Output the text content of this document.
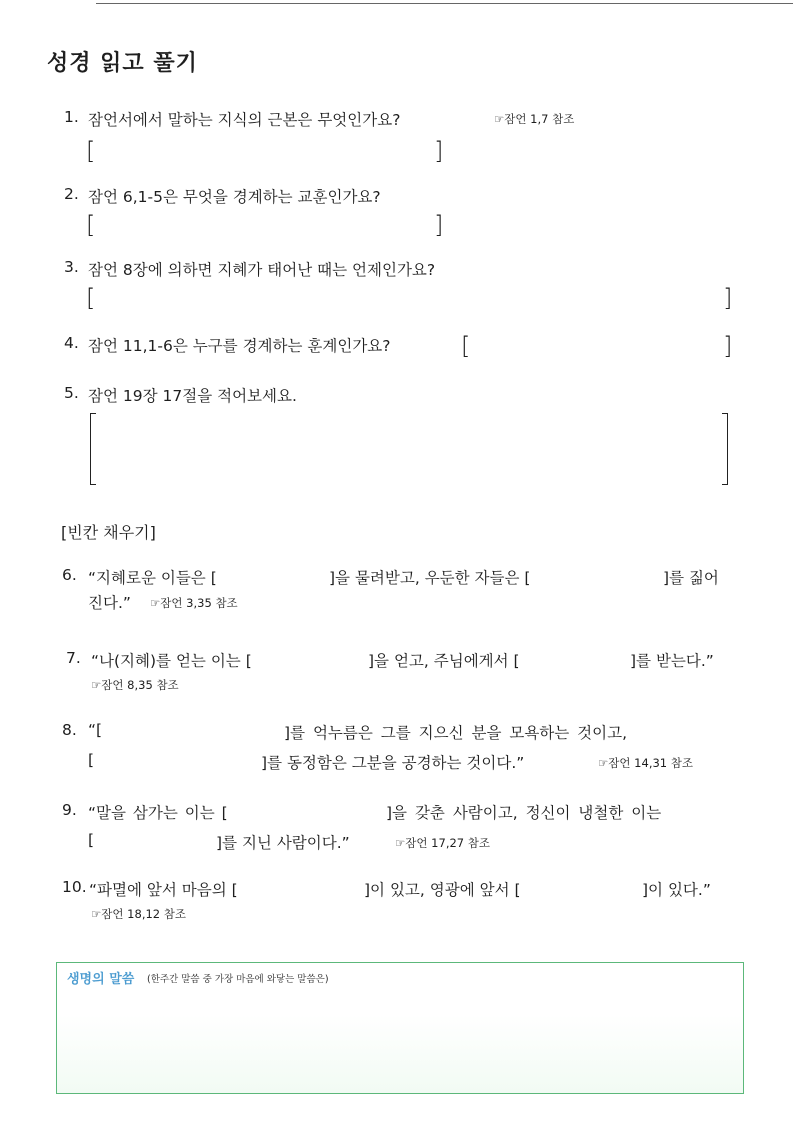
성경 읽고 풀기
1. 잠언서에서 말하는 지식의 근본은 무엇인가요?	☞잠언 1,7 참조
[	]
2. 잠언 6,1-5은 무엇을 경계하는 교훈인가요?
[	]
3. 잠언 8장에 의하면 지혜가 태어난 때는 언제인가요?
[	]
4. 잠언 11,1-6은 누구를 경계하는 훈계인가요?	[	]
5. 잠언 19장 17절을 적어보세요.
[빈칸 채우기]
6. “지혜로운 이들은 [	]을 물려받고, 우둔한 자들은 [	]를 짊어
진다.” ☞잠언 3,35 참조
7. “나(지혜)를 얻는 이는 [	]을 얻고, 주님에게서 [	]를 받는다.”
☞잠언 8,35 참조
8. “[	]를 억누름은 그를 지으신 분을 모욕하는 것이고,
[	]를 동정함은 그분을 공경하는 것이다.”	☞잠언 14,31 참조
9. “말을 삼가는 이는 [	]을 갖춘 사람이고, 정신이 냉철한 이는
[	]를 지닌 사람이다.”	☞잠언 17,27 참조
10. “파멸에 앞서 마음의 [	]이 있고, 영광에 앞서 [	]이 있다.”
☞잠언 18,12 참조
생명의 말씀 (한주간 말씀 중 가장 마음에 와닿는 말씀은)
